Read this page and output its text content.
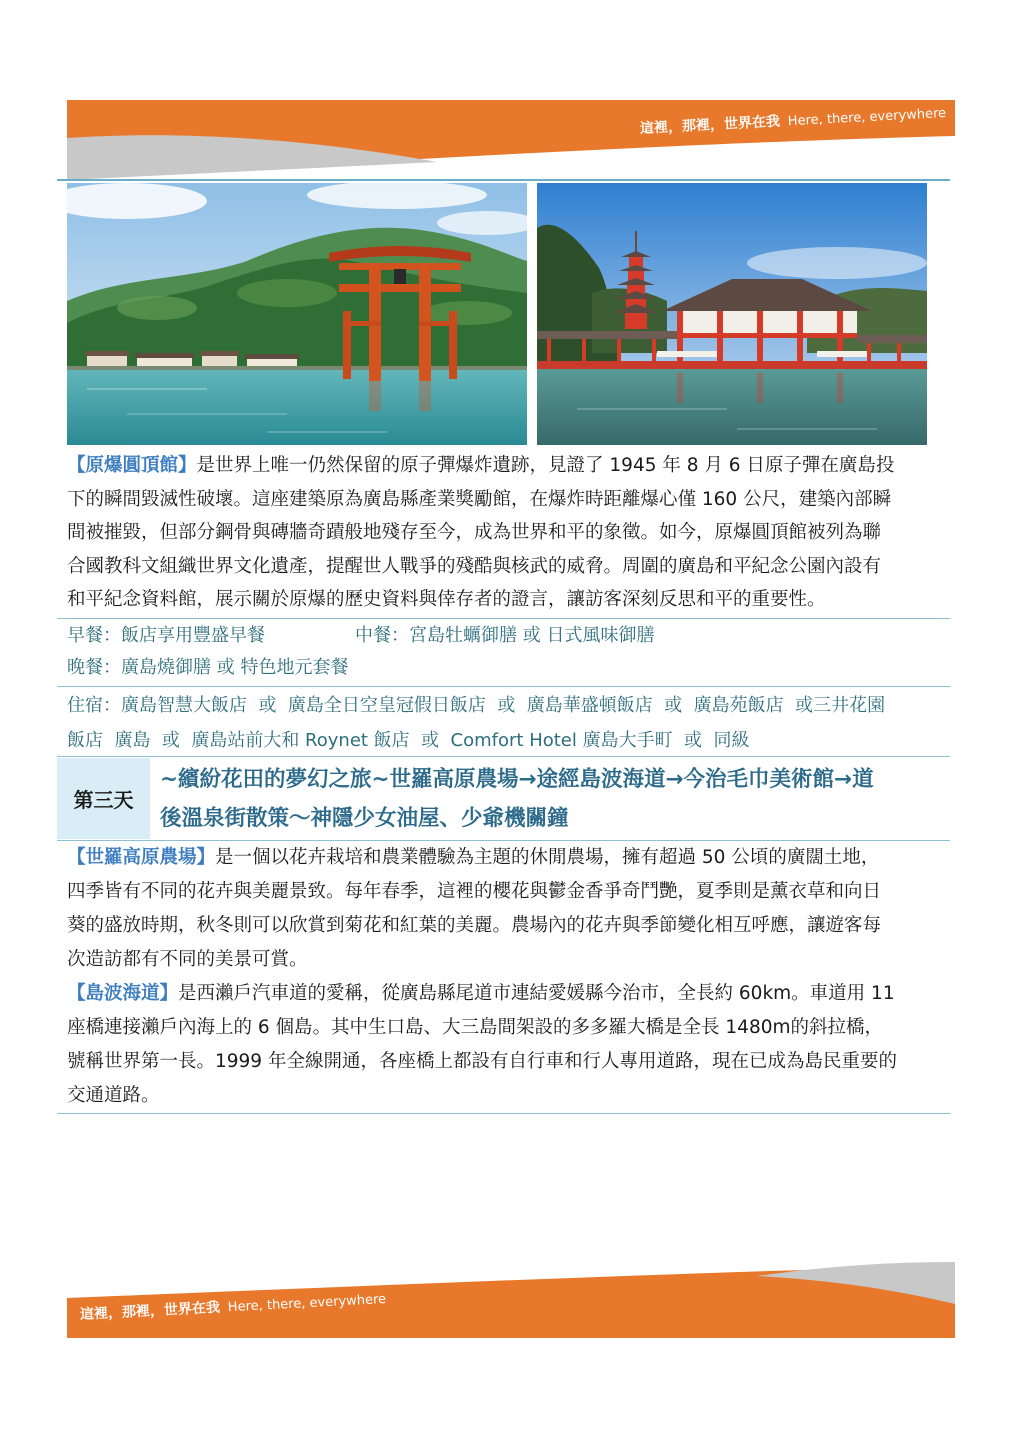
這裡，那裡，世界在我 Here, there, everywhere
【原爆圓頂館】是世界上唯一仍然保留的原子彈爆炸遺跡，見證了 1945 年 8 月 6 日原子彈在廣島投
下的瞬間毀滅性破壞。這座建築原為廣島縣產業獎勵館，在爆炸時距離爆心僅 160 公尺，建築內部瞬
間被摧毀，但部分鋼骨與磚牆奇蹟般地殘存至今，成為世界和平的象徵。如今，原爆圓頂館被列為聯
合國教科文組織世界文化遺產，提醒世人戰爭的殘酷與核武的威脅。周圍的廣島和平紀念公園內設有
和平紀念資料館，展示關於原爆的歷史資料與倖存者的證言，讓訪客深刻反思和平的重要性。
早餐：飯店享用豐盛早餐	中餐：宮島牡蠣御膳 或 日式風味御膳
晚餐：廣島燒御膳 或 特色地元套餐
住宿：廣島智慧大飯店  或  廣島全日空皇冠假日飯店  或  廣島華盛頓飯店  或  廣島苑飯店  或三井花園
飯店  廣島  或  廣島站前大和 Roynet 飯店  或  Comfort Hotel 廣島大手町  或  同級
第三天
~繽紛花田的夢幻之旅~世羅高原農場→途經島波海道→今治毛巾美術館→道
後溫泉街散策～神隱少女油屋、少爺機關鐘
【世羅高原農場】是一個以花卉栽培和農業體驗為主題的休閒農場，擁有超過 50 公頃的廣闊土地，
四季皆有不同的花卉與美麗景致。每年春季，這裡的櫻花與鬱金香爭奇鬥艷，夏季則是薰衣草和向日
葵的盛放時期，秋冬則可以欣賞到菊花和紅葉的美麗。農場內的花卉與季節變化相互呼應，讓遊客每
次造訪都有不同的美景可賞。
【島波海道】是西瀨戶汽車道的愛稱，從廣島縣尾道市連結愛媛縣今治市，全長約 60km。車道用 11
座橋連接瀨戶內海上的 6 個島。其中生口島、大三島間架設的多多羅大橋是全長 1480m的斜拉橋，
號稱世界第一長。1999 年全線開通，各座橋上都設有自行車和行人專用道路，現在已成為島民重要的
交通道路。
這裡，那裡，世界在我 Here, there, everywhere
